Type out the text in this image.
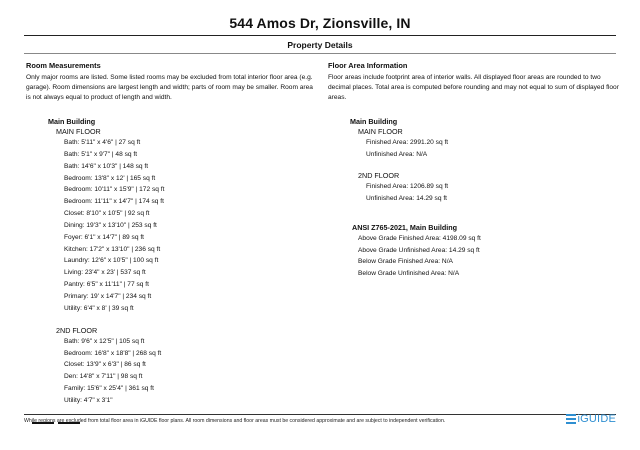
544 Amos Dr, Zionsville, IN
Property Details
Room Measurements
Only major rooms are listed. Some listed rooms may be excluded from total interior floor area (e.g. garage). Room dimensions are largest length and width; parts of room may be smaller. Room area is not always equal to product of length and width.
Main Building
MAIN FLOOR
Bath: 5'11" x 4'6" | 27 sq ft
Bath: 5'1" x 9'7" | 48 sq ft
Bath: 14'6" x 10'3" | 148 sq ft
Bedroom: 13'8" x 12' | 165 sq ft
Bedroom: 10'11" x 15'9" | 172 sq ft
Bedroom: 11'11" x 14'7" | 174 sq ft
Closet: 8'10" x 10'5" | 92 sq ft
Dining: 19'3" x 13'10" | 253 sq ft
Foyer: 6'1" x 14'7" | 89 sq ft
Kitchen: 17'2" x 13'10" | 236 sq ft
Laundry: 12'6" x 10'5" | 100 sq ft
Living: 23'4" x 23' | 537 sq ft
Pantry: 6'5" x 11'11" | 77 sq ft
Primary: 19' x 14'7" | 234 sq ft
Utility: 6'4" x 8' | 39 sq ft
2ND FLOOR
Bath: 9'6" x 12'5" | 105 sq ft
Bedroom: 16'8" x 18'8" | 268 sq ft
Closet: 13'9" x 6'3" | 86 sq ft
Den: 14'8" x 7'11" | 98 sq ft
Family: 15'6" x 25'4" | 361 sq ft
Utility: 4'7" x 3'1"
Floor Area Information
Floor areas include footprint area of interior walls. All displayed floor areas are rounded to two decimal places. Total area is computed before rounding and may not equal to sum of displayed floor areas.
Main Building
MAIN FLOOR
Finished Area: 2991.20 sq ft
Unfinished Area: N/A
2ND FLOOR
Finished Area: 1206.89 sq ft
Unfinished Area: 14.29 sq ft
ANSI Z765-2021, Main Building
Above Grade Finished Area: 4198.09 sq ft
Above Grade Unfinished Area: 14.29 sq ft
Below Grade Finished Area: N/A
Below Grade Unfinished Area: N/A
While regions are excluded from total floor area in iGUIDE floor plans. All room dimensions and floor areas must be considered approximate and are subject to independent verification.	iGUIDE
